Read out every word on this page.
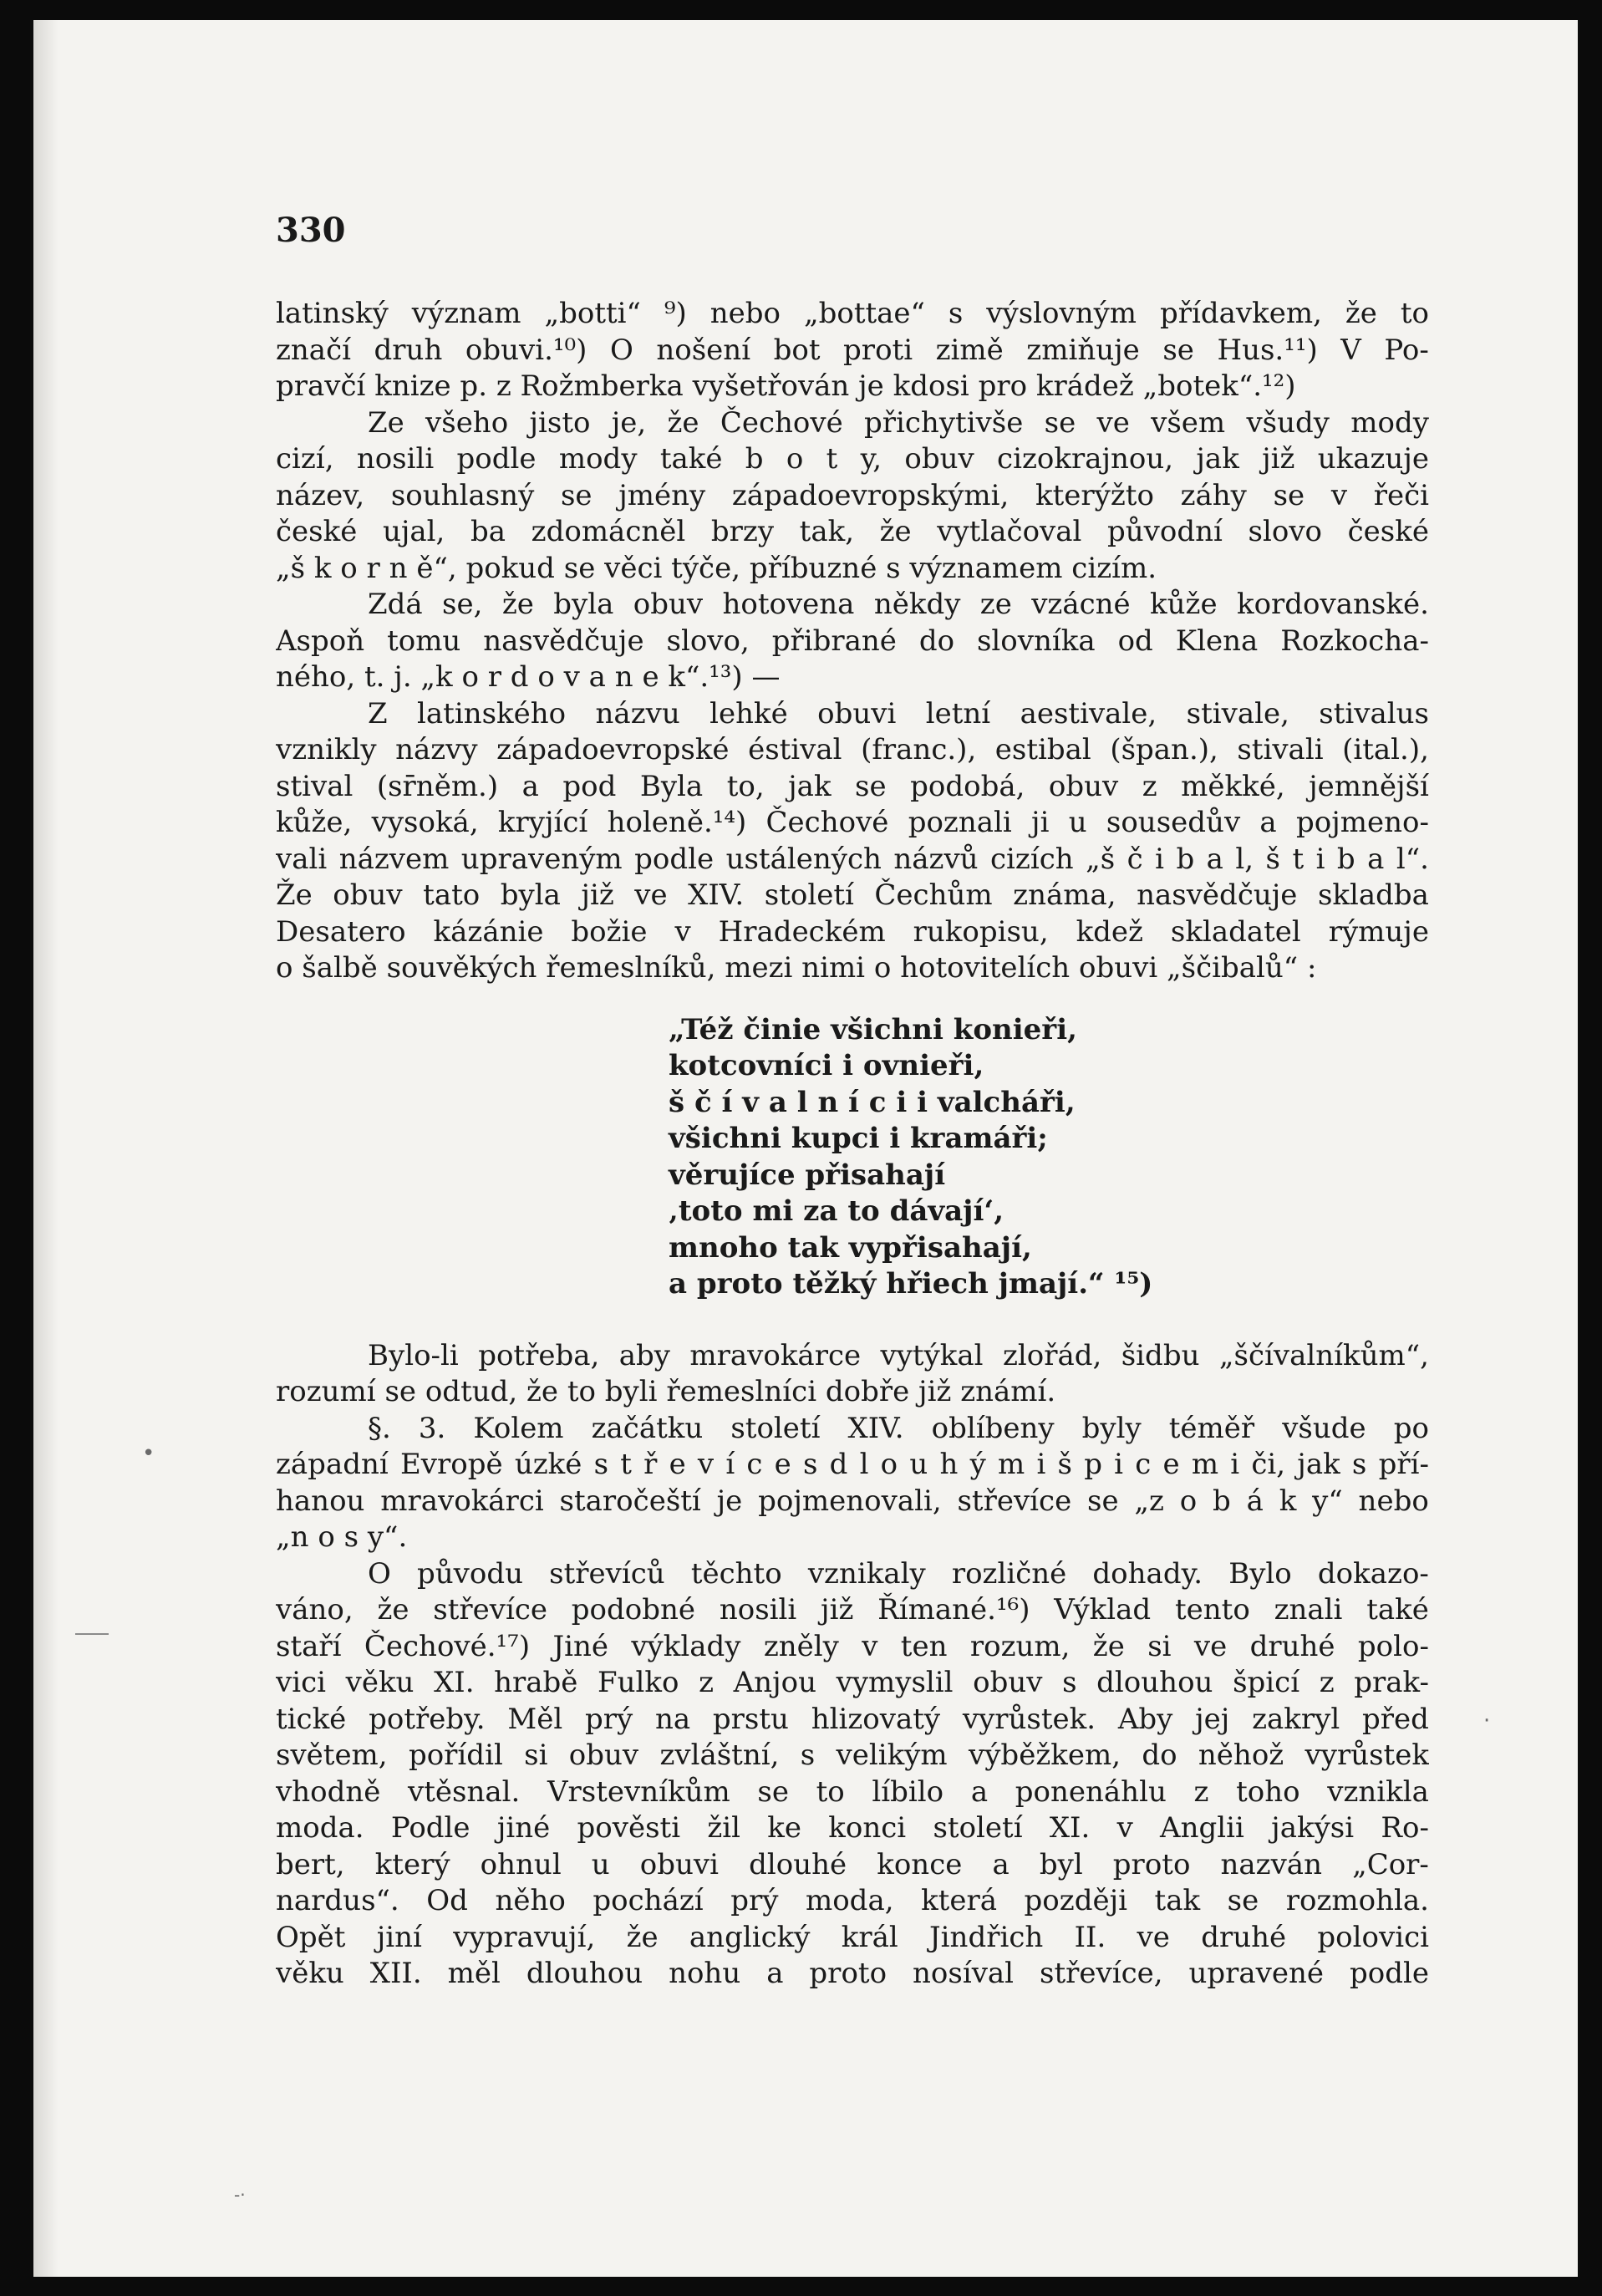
330
latinský význam „botti“ ⁹) nebo „bottae“ s výslovným přídavkem, že to
značí druh obuvi.¹⁰) O nošení bot proti zimě zmiňuje se Hus.¹¹) V Po-
pravčí knize p. z Rožmberka vyšetřován je kdosi pro krádež „botek“.¹²)
Ze všeho jisto je, že Čechové přichytivše se ve všem všudy mody
cizí, nosili podle mody také b o t y, obuv cizokrajnou, jak již ukazuje
název, souhlasný se jmény západoevropskými, kterýžto záhy se v řeči
české ujal, ba zdomácněl brzy tak, že vytlačoval původní slovo české
„š k o r n ě“, pokud se věci týče, příbuzné s významem cizím.
Zdá se, že byla obuv hotovena někdy ze vzácné kůže kordovanské.
Aspoň tomu nasvědčuje slovo, přibrané do slovníka od Klena Rozkocha-
ného, t. j. „k o r d o v a n e k“.¹³) —
Z latinského názvu lehké obuvi letní aestivale, stivale, stivalus
vznikly názvy západoevropské éstival (franc.), estibal (špan.), stivali (ital.),
stival (sr̄něm.) a pod Byla to, jak se podobá, obuv z měkké, jemnější
kůže, vysoká, kryjící holeně.¹⁴) Čechové poznali ji u sousedův a pojmeno-
vali názvem upraveným podle ustálených názvů cizích „š č i b a l, š t i b a l“.
Že obuv tato byla již ve XIV. století Čechům známa, nasvědčuje skladba
Desatero kázánie božie v Hradeckém rukopisu, kdež skladatel rýmuje
o šalbě souvěkých řemeslníků, mezi nimi o hotovitelích obuvi „ščibalů“ :
„Též činie všichni konieři,
kotcovníci i ovnieři,
š č í v a l n í c i i valcháři,
všichni kupci i kramáři;
věrujíce přisahají
‚toto mi za to dávají‘,
mnoho tak vypřisahají,
a proto těžký hřiech jmají.“ ¹⁵)
Bylo-li potřeba, aby mravokárce vytýkal zlořád, šidbu „ščívalníkům“,
rozumí se odtud, že to byli řemeslníci dobře již známí.
§. 3. Kolem začátku století XIV. oblíbeny byly téměř všude po
západní Evropě úzké s t ř e v í c e s d l o u h ý m i š p i c e m i či, jak s pří-
hanou mravokárci staročeští je pojmenovali, střevíce se „z o b á k y“ nebo
„n o s y“.
O původu střevíců těchto vznikaly rozličné dohady. Bylo dokazo-
váno, že střevíce podobné nosili již Římané.¹⁶) Výklad tento znali také
staří Čechové.¹⁷) Jiné výklady zněly v ten rozum, že si ve druhé polo-
vici věku XI. hrabě Fulko z Anjou vymyslil obuv s dlouhou špicí z prak-
tické potřeby. Měl prý na prstu hlizovatý vyrůstek. Aby jej zakryl před
světem, pořídil si obuv zvláštní, s velikým výběžkem, do něhož vyrůstek
vhodně vtěsnal. Vrstevníkům se to líbilo a ponenáhlu z toho vznikla
moda. Podle jiné pověsti žil ke konci století XI. v Anglii jakýsi Ro-
bert, který ohnul u obuvi dlouhé konce a byl proto nazván „Cor-
nardus“. Od něho pochází prý moda, která později tak se rozmohla.
Opět jiní vypravují, že anglický král Jindřich II. ve druhé polovici
věku XII. měl dlouhou nohu a proto nosíval střevíce, upravené podle
•
·
-·
